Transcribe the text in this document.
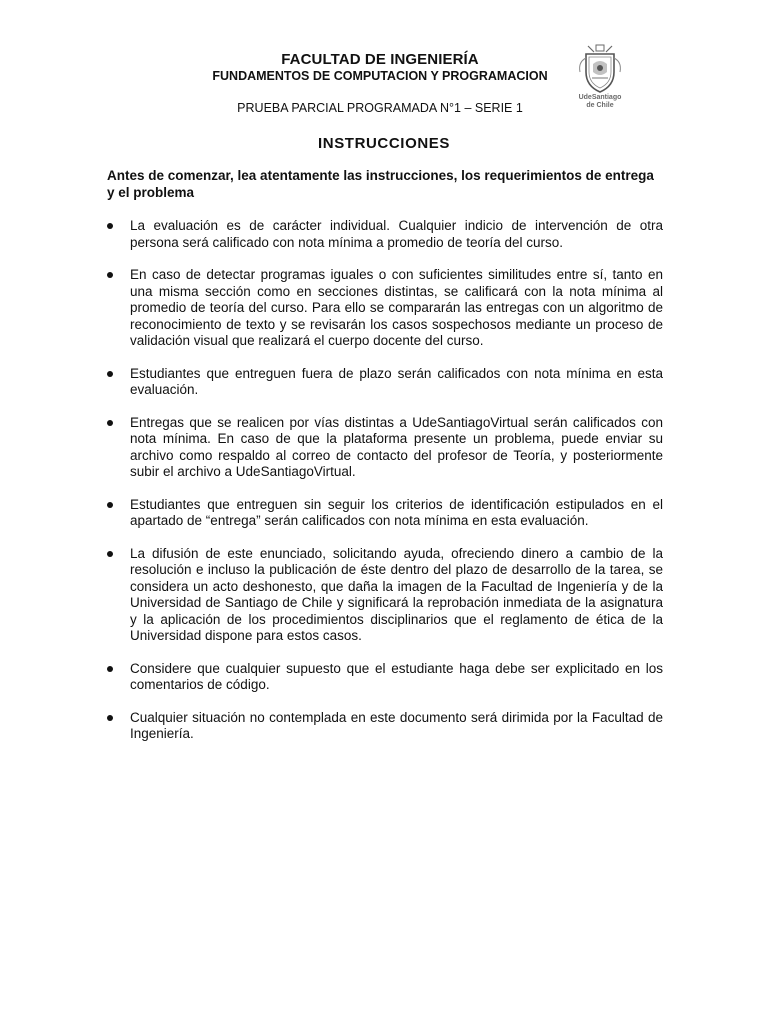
FACULTAD DE INGENIERÍA
FUNDAMENTOS DE COMPUTACION Y PROGRAMACION
PRUEBA PARCIAL PROGRAMADA N°1 – SERIE 1
UdeSantiago
de Chile
INSTRUCCIONES
Antes de comenzar, lea atentamente las instrucciones, los requerimientos de entrega y el problema
La evaluación es de carácter individual. Cualquier indicio de intervención de otra persona será calificado con nota mínima a promedio de teoría del curso.
En caso de detectar programas iguales o con suficientes similitudes entre sí, tanto en una misma sección como en secciones distintas, se calificará con la nota mínima al promedio de teoría del curso. Para ello se compararán las entregas con un algoritmo de reconocimiento de texto y se revisarán los casos sospechosos mediante un proceso de validación visual que realizará el cuerpo docente del curso.
Estudiantes que entreguen fuera de plazo serán calificados con nota mínima en esta evaluación.
Entregas que se realicen por vías distintas a UdeSantiagoVirtual serán calificados con nota mínima. En caso de que la plataforma presente un problema, puede enviar su archivo como respaldo al correo de contacto del profesor de Teoría, y posteriormente subir el archivo a UdeSantiagoVirtual.
Estudiantes que entreguen sin seguir los criterios de identificación estipulados en el apartado de “entrega” serán calificados con nota mínima en esta evaluación.
La difusión de este enunciado, solicitando ayuda, ofreciendo dinero a cambio de la resolución e incluso la publicación de éste dentro del plazo de desarrollo de la tarea, se considera un acto deshonesto, que daña la imagen de la Facultad de Ingeniería y de la Universidad de Santiago de Chile y significará la reprobación inmediata de la asignatura y la aplicación de los procedimientos disciplinarios que el reglamento de ética de la Universidad dispone para estos casos.
Considere que cualquier supuesto que el estudiante haga debe ser explicitado en los comentarios de código.
Cualquier situación no contemplada en este documento será dirimida por la Facultad de Ingeniería.
